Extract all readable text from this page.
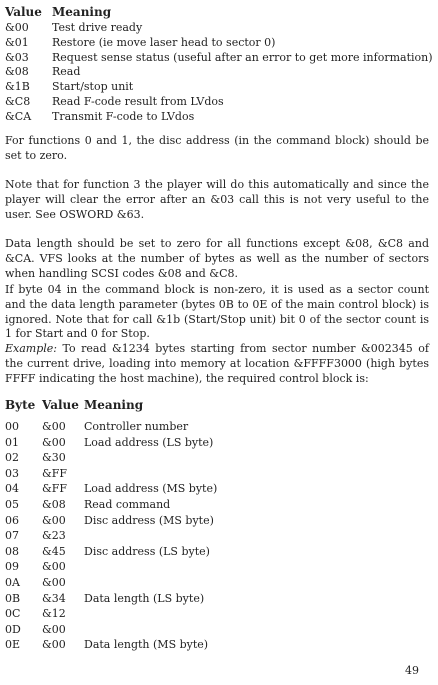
Value Meaning
&00 Test drive ready
&01 Restore (ie move laser head to sector 0)
&03 Request sense status (useful after an error to get more information)
&08 Read
&1B Start/stop unit
&C8 Read F-code result from LVdos
&CA Transmit F-code to LVdos

For functions 0 and 1, the disc address (in the command block) should be set to zero.

Note that for function 3 the player will do this automatically and since the player will clear the error after an &03 call this is not very useful to the user. See OSWORD &63.

Data length should be set to zero for all functions except &08, &C8 and &CA. VFS looks at the number of bytes as well as the number of sectors when handling SCSI codes &08 and &C8.

If byte 04 in the command block is non-zero, it is used as a sector count and the data length parameter (bytes 0B to 0E of the main control block) is ignored. Note that for call &1b (Start/Stop unit) bit 0 of the sector count is 1 for Start and 0 for Stop.

Example: To read &1234 bytes starting from sector number &002345 of the current drive, loading into memory at location &FFFF3000 (high bytes FFFF indicating the host machine), the required control block is:

Byte Value Meaning
00 &00 Controller number
01 &00 Load address (LS byte)
02 &30
03 &FF
04 &FF Load address (MS byte)
05 &08 Read command
06 &00 Disc address (MS byte)
07 &23
08 &45 Disc address (LS byte)
09 &00
0A &00
0B &34 Data length (LS byte)
0C &12
0D &00
0E &00 Data length (MS byte)
49
